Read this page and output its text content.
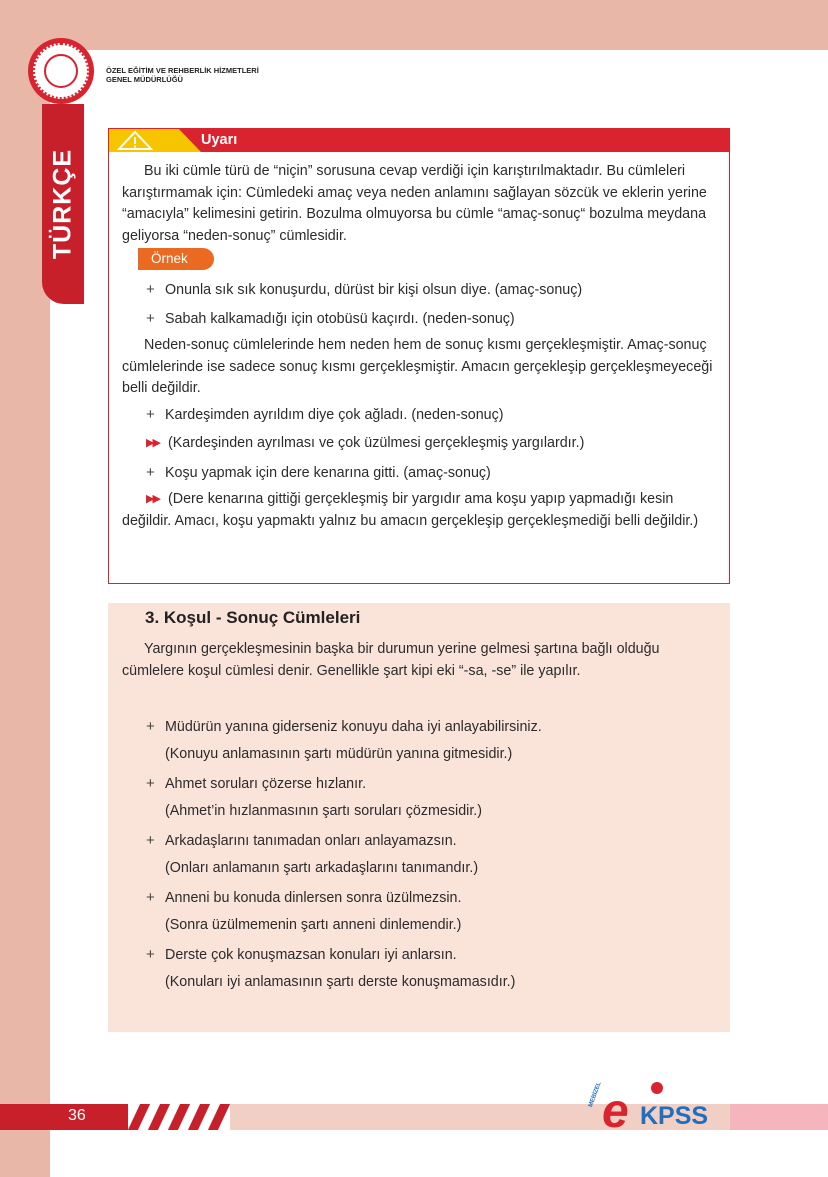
ÖZEL EĞİTİM VE REHBERLİK HİZMETLERİ
GENEL MÜDÜRLÜĞÜ
TÜRKÇE
Uyarı
Bu iki cümle türü de “niçin” sorusuna cevap verdiği için karıştırılmaktadır. Bu cümleleri karıştırmamak için: Cümledeki amaç veya neden anlamını sağlayan sözcük ve eklerin yerine “amacıyla” kelimesini getirin. Bozulma olmuyorsa bu cümle “amaç-sonuç“ bozulma meydana geliyorsa “neden-sonuç” cümlesidir.
Örnek
+ Onunla sık sık konuşurdu, dürüst bir kişi olsun diye. (amaç-sonuç)
+ Sabah kalkamadığı için otobüsü kaçırdı. (neden-sonuç)
Neden-sonuç cümlelerinde hem neden hem de sonuç kısmı gerçekleşmiştir. Amaç-sonuç cümlelerinde ise sadece sonuç kısmı gerçekleşmiştir. Amacın gerçekleşip gerçekleşmeyeceği belli değildir.
+ Kardeşimden ayrıldım diye çok ağladı. (neden-sonuç)
▶▶ (Kardeşinden ayrılması ve çok üzülmesi gerçekleşmiş yargılardır.)
+ Koşu yapmak için dere kenarına gitti. (amaç-sonuç)
▶▶ (Dere kenarına gittiği gerçekleşmiş bir yargıdır ama koşu yapıp yapmadığı kesin değildir. Amacı, koşu yapmaktı yalnız bu amacın gerçekleşip gerçekleşmediği belli değildir.)
3. Koşul - Sonuç Cümleleri
Yargının gerçekleşmesinin başka bir durumun yerine gelmesi şartına bağlı olduğu cümlelere koşul cümlesi denir. Genellikle şart kipi eki “-sa, -se” ile yapılır.
+ Müdürün yanına giderseniz konuyu daha iyi anlayabilirsiniz.
(Konuyu anlamasının şartı müdürün yanına gitmesidir.)
+ Ahmet soruları çözerse hızlanır.
(Ahmet’in hızlanmasının şartı soruları çözmesidir.)
+ Arkadaşlarını tanımadan onları anlayamazsın.
(Onları anlamanın şartı arkadaşlarını tanımandır.)
+ Anneni bu konuda dinlersen sonra üzülmezsin.
(Sonra üzülmemenin şartı anneni dinlemendir.)
+ Derste çok konuşmazsan konuları iyi anlarsın.
(Konuları iyi anlamasının şartı derste konuşmamasıdır.)
36
MEBİZEL e KPSS
